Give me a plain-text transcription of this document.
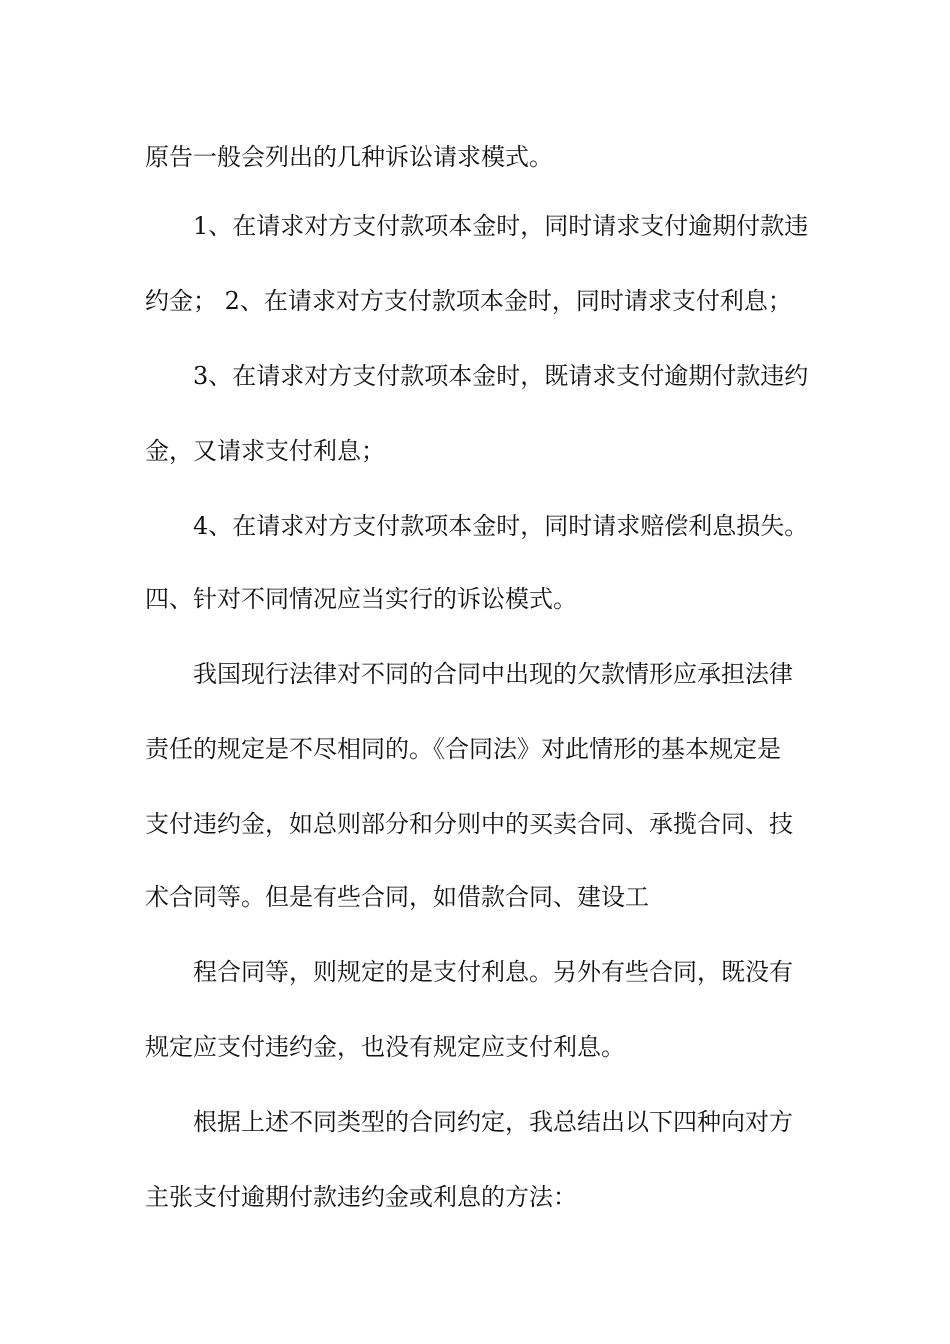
原告一般会列出的几种诉讼请求模式。
1、在请求对方支付款项本金时，同时请求支付逾期付款违
约金； 2、在请求对方支付款项本金时，同时请求支付利息；
3、在请求对方支付款项本金时，既请求支付逾期付款违约
金，又请求支付利息；
4、在请求对方支付款项本金时，同时请求赔偿利息损失。
四、针对不同情况应当实行的诉讼模式。
我国现行法律对不同的合同中出现的欠款情形应承担法律
责任的规定是不尽相同的。《合同法》对此情形的基本规定是
支付违约金，如总则部分和分则中的买卖合同、承揽合同、技
术合同等。但是有些合同，如借款合同、建设工
程合同等，则规定的是支付利息。另外有些合同，既没有
规定应支付违约金，也没有规定应支付利息。
根据上述不同类型的合同约定，我总结出以下四种向对方
主张支付逾期付款违约金或利息的方法：
